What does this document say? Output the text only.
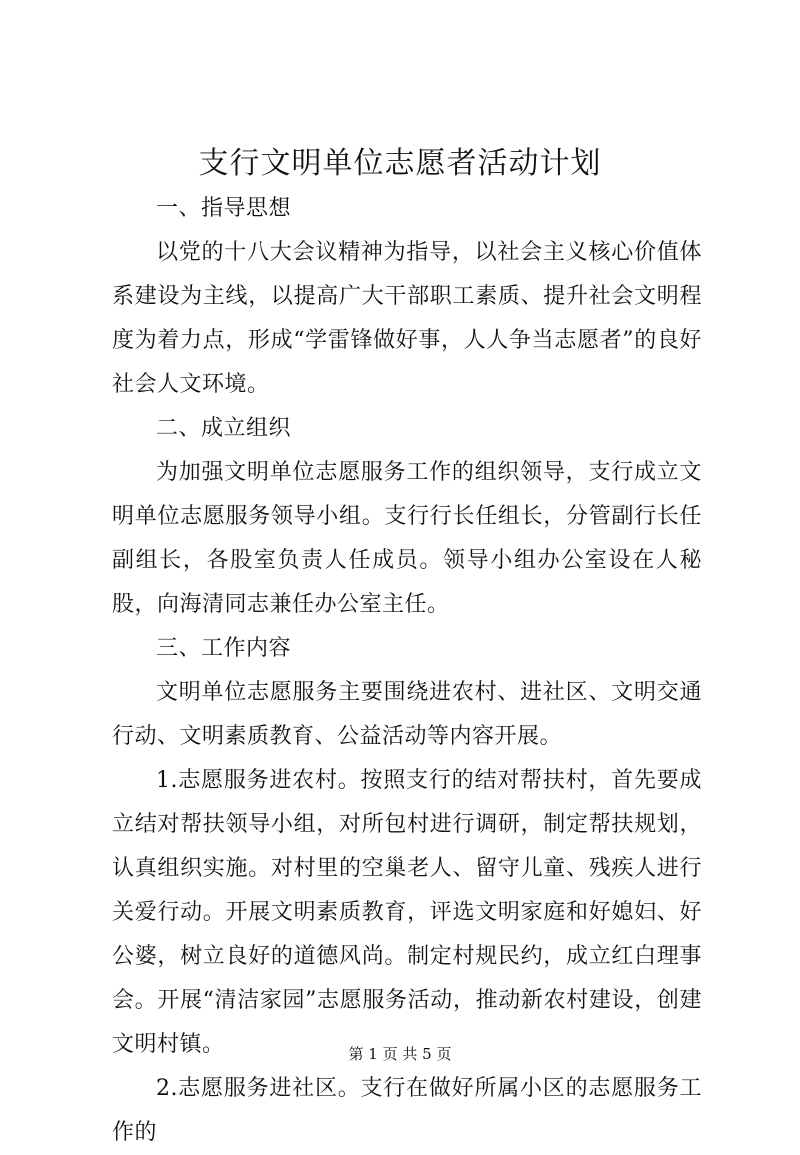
支行文明单位志愿者活动计划

一、指导思想

以党的十八大会议精神为指导，以社会主义核心价值体系建设为主线，以提高广大干部职工素质、提升社会文明程度为着力点，形成“学雷锋做好事，人人争当志愿者”的良好社会人文环境。

二、成立组织

为加强文明单位志愿服务工作的组织领导，支行成立文明单位志愿服务领导小组。支行行长任组长，分管副行长任副组长，各股室负责人任成员。领导小组办公室设在人秘股，向海清同志兼任办公室主任。

三、工作内容

文明单位志愿服务主要围绕进农村、进社区、文明交通行动、文明素质教育、公益活动等内容开展。

1.志愿服务进农村。按照支行的结对帮扶村，首先要成立结对帮扶领导小组，对所包村进行调研，制定帮扶规划，认真组织实施。对村里的空巢老人、留守儿童、残疾人进行关爱行动。开展文明素质教育，评选文明家庭和好媳妇、好公婆，树立良好的道德风尚。制定村规民约，成立红白理事会。开展“清洁家园”志愿服务活动，推动新农村建设，创建文明村镇。

2.志愿服务进社区。支行在做好所属小区的志愿服务工作的

第 1 页 共 5 页
